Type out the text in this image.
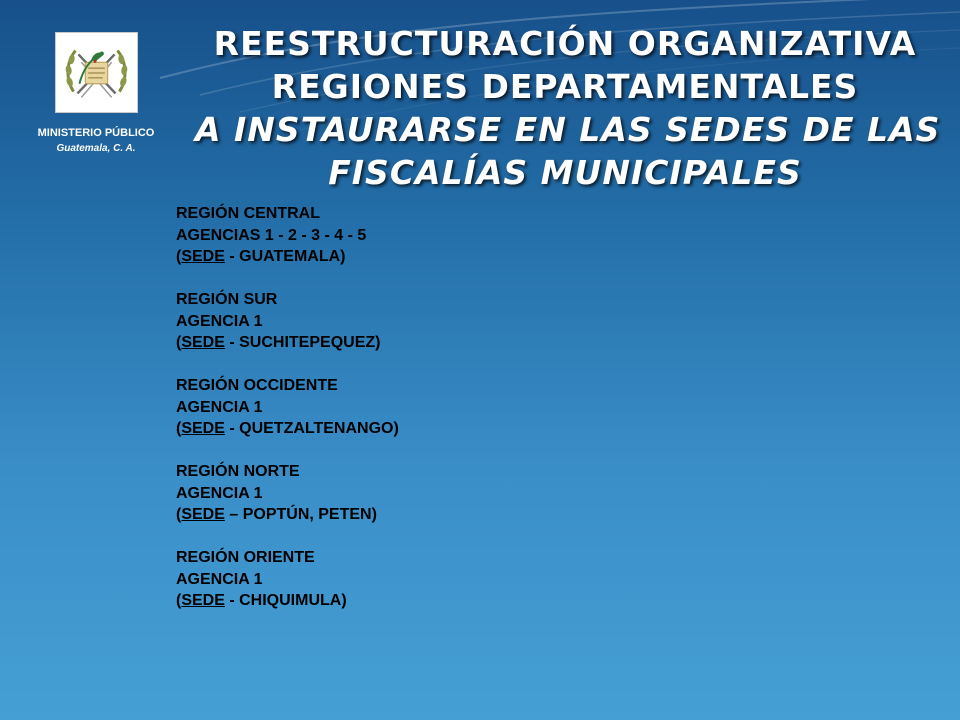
MINISTERIO PÚBLICO
Guatemala, C. A.
REESTRUCTURACIÓN ORGANIZATIVA
REGIONES DEPARTAMENTALES
A INSTAURARSE EN LAS SEDES DE LAS
FISCALÍAS MUNICIPALES
REGIÓN CENTRAL
AGENCIAS 1 - 2 - 3 - 4 - 5
(SEDE - GUATEMALA)
REGIÓN SUR
AGENCIA 1
(SEDE - SUCHITEPEQUEZ)
REGIÓN OCCIDENTE
AGENCIA 1
(SEDE - QUETZALTENANGO)
REGIÓN NORTE
AGENCIA 1
(SEDE – POPTÚN, PETEN)
REGIÓN ORIENTE
AGENCIA 1
(SEDE - CHIQUIMULA)
